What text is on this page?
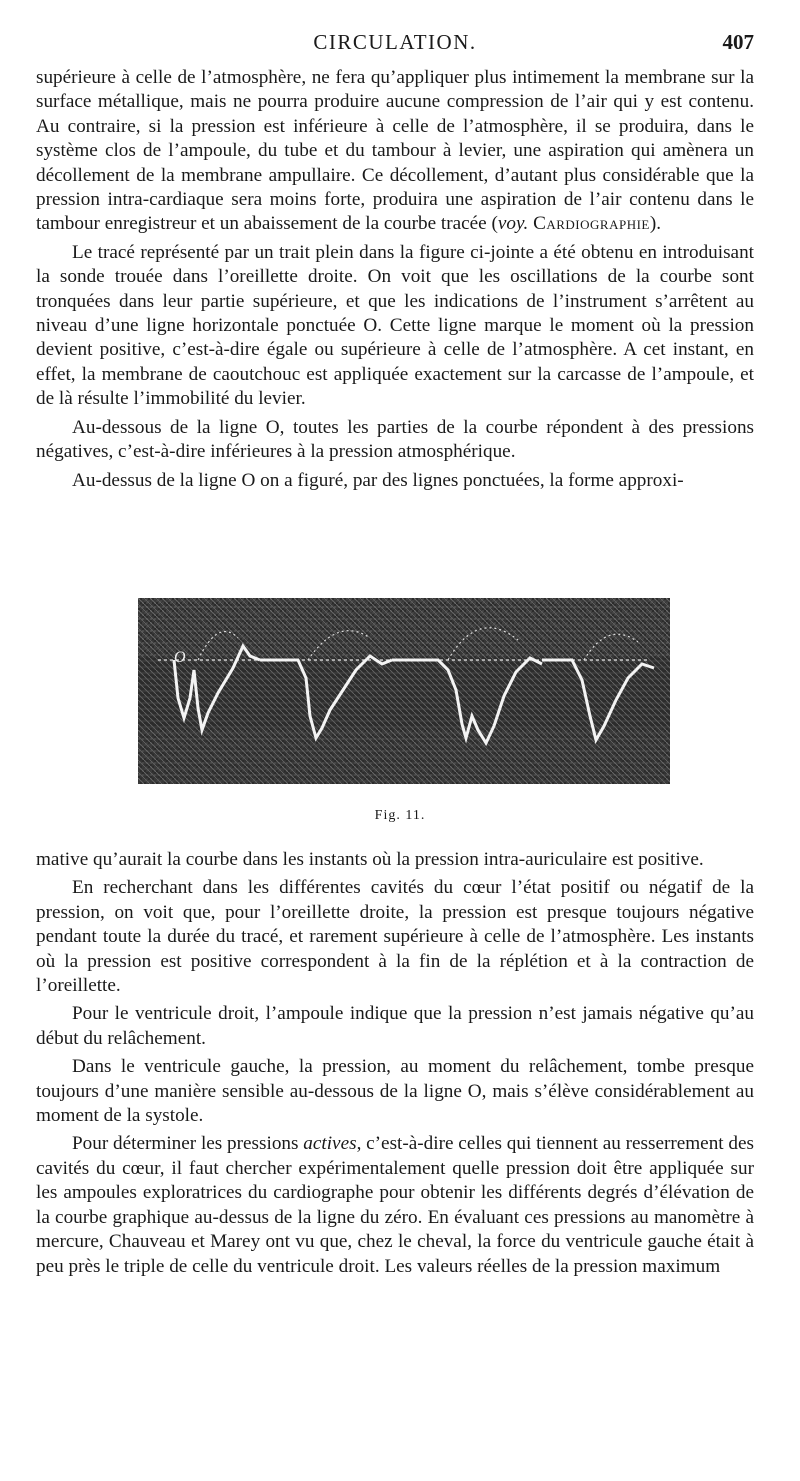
CIRCULATION.	407

supérieure à celle de l’atmosphère, ne fera qu’appliquer plus intimement la membrane sur la surface métallique, mais ne pourra produire aucune compression de l’air qui y est contenu. Au contraire, si la pression est inférieure à celle de l’atmosphère, il se produira, dans le système clos de l’ampoule, du tube et du tambour à levier, une aspiration qui amènera un décollement de la membrane ampullaire. Ce décollement, d’autant plus considérable que la pression intra-cardiaque sera moins forte, produira une aspiration de l’air contenu dans le tambour enregistreur et un abaissement de la courbe tracée (voy. Cardiographie).

Le tracé représenté par un trait plein dans la figure ci-jointe a été obtenu en introduisant la sonde trouée dans l’oreillette droite. On voit que les oscillations de la courbe sont tronquées dans leur partie supérieure, et que les indications de l’instrument s’arrêtent au niveau d’une ligne horizontale ponctuée O. Cette ligne marque le moment où la pression devient positive, c’est-à-dire égale ou supérieure à celle de l’atmosphère. A cet instant, en effet, la membrane de caoutchouc est appliquée exactement sur la carcasse de l’ampoule, et de là résulte l’immobilité du levier.

Au-dessous de la ligne O, toutes les parties de la courbe répondent à des pressions négatives, c’est-à-dire inférieures à la pression atmosphérique.

Au-dessus de la ligne O on a figuré, par des lignes ponctuées, la forme approxi-

O
Fig. 11.

mative qu’aurait la courbe dans les instants où la pression intra-auriculaire est positive.

En recherchant dans les différentes cavités du cœur l’état positif ou négatif de la pression, on voit que, pour l’oreillette droite, la pression est presque toujours négative pendant toute la durée du tracé, et rarement supérieure à celle de l’atmosphère. Les instants où la pression est positive correspondent à la fin de la réplétion et à la contraction de l’oreillette.

Pour le ventricule droit, l’ampoule indique que la pression n’est jamais négative qu’au début du relâchement.

Dans le ventricule gauche, la pression, au moment du relâchement, tombe presque toujours d’une manière sensible au-dessous de la ligne O, mais s’élève considérablement au moment de la systole.

Pour déterminer les pressions actives, c’est-à-dire celles qui tiennent au resserrement des cavités du cœur, il faut chercher expérimentalement quelle pression doit être appliquée sur les ampoules exploratrices du cardiographe pour obtenir les différents degrés d’élévation de la courbe graphique au-dessus de la ligne du zéro. En évaluant ces pressions au manomètre à mercure, Chauveau et Marey ont vu que, chez le cheval, la force du ventricule gauche était à peu près le triple de celle du ventricule droit. Les valeurs réelles de la pression maximum
